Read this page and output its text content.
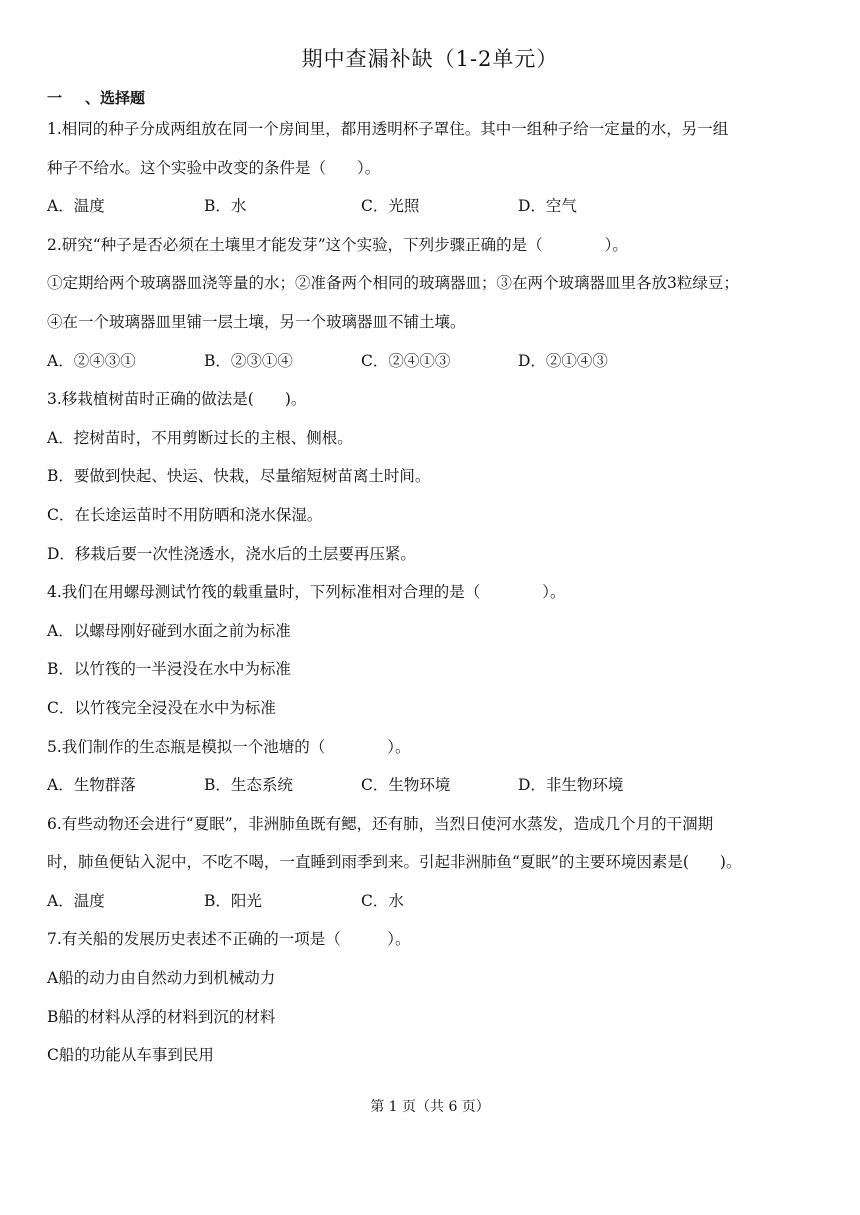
期中查漏补缺（1-2单元）
一 、选择题
1.相同的种子分成两组放在同一个房间里，都用透明杯子罩住。其中一组种子给一定量的水，另一组
种子不给水。这个实验中改变的条件是（　　）。
A．温度	B．水	C．光照	D．空气
2.研究“种子是否必须在土壤里才能发芽”这个实验，下列步骤正确的是（　　　　）。
①定期给两个玻璃器皿浇等量的水；②准备两个相同的玻璃器皿；③在两个玻璃器皿里各放3粒绿豆；
④在一个玻璃器皿里铺一层土壤，另一个玻璃器皿不铺土壤。
A．②④③①	B．②③①④	C．②④①③	D．②①④③
3.移栽植树苗时正确的做法是(　　)。
A．挖树苗时，不用剪断过长的主根、侧根。
B．要做到快起、快运、快栽，尽量缩短树苗离土时间。
C．在长途运苗时不用防晒和浇水保湿。
D．移栽后要一次性浇透水，浇水后的土层要再压紧。
4.我们在用螺母测试竹筏的载重量时，下列标准相对合理的是（　　　　）。
A．以螺母刚好碰到水面之前为标准
B．以竹筏的一半浸没在水中为标准
C．以竹筏完全浸没在水中为标准
5.我们制作的生态瓶是模拟一个池塘的（　　　　）。
A．生物群落	B．生态系统	C．生物环境	D．非生物环境
6.有些动物还会进行“夏眠”，非洲肺鱼既有鳃，还有肺，当烈日使河水蒸发，造成几个月的干涸期
时，肺鱼便钻入泥中，不吃不喝，一直睡到雨季到来。引起非洲肺鱼“夏眠”的主要环境因素是(　　)。
A．温度	B．阳光	C．水
7.有关船的发展历史表述不正确的一项是（　　　）。
A船的动力由自然动力到机械动力
B船的材料从浮的材料到沉的材料
C船的功能从车事到民用
第 1 页（共 6 页）
